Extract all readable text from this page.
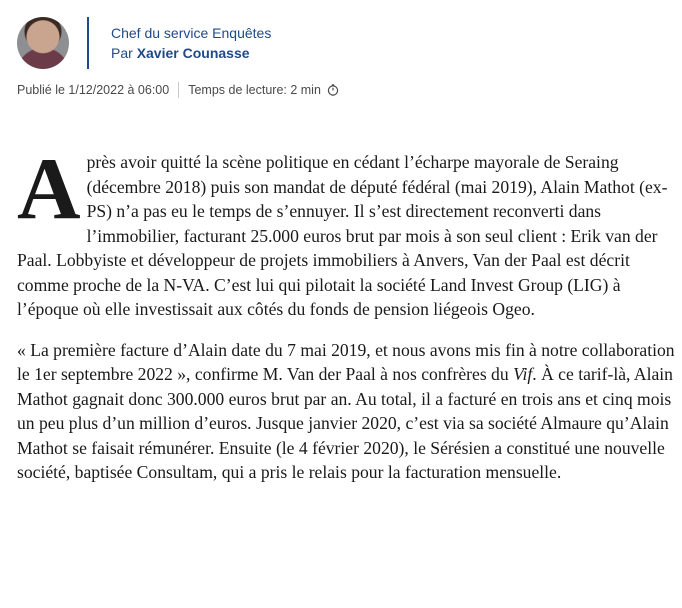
Chef du service Enquêtes
Par Xavier Counasse
Publié le 1/12/2022 à 06:00 Temps de lecture: 2 min

Après avoir quitté la scène politique en cédant l’écharpe mayorale de Seraing (décembre 2018) puis son mandat de député fédéral (mai 2019), Alain Mathot (ex-PS) n’a pas eu le temps de s’ennuyer. Il s’est directement reconverti dans l’immobilier, facturant 25.000 euros brut par mois à son seul client : Erik van der Paal. Lobbyiste et développeur de projets immobiliers à Anvers, Van der Paal est décrit comme proche de la N-VA. C’est lui qui pilotait la société Land Invest Group (LIG) à l’époque où elle investissait aux côtés du fonds de pension liégeois Ogeo.

« La première facture d’Alain date du 7 mai 2019, et nous avons mis fin à notre collaboration le 1er septembre 2022 », confirme M. Van der Paal à nos confrères du Vif. À ce tarif-là, Alain Mathot gagnait donc 300.000 euros brut par an. Au total, il a facturé en trois ans et cinq mois un peu plus d’un million d’euros. Jusque janvier 2020, c’est via sa société Almaure qu’Alain Mathot se faisait rémunérer. Ensuite (le 4 février 2020), le Sérésien a constitué une nouvelle société, baptisée Consultam, qui a pris le relais pour la facturation mensuelle.
